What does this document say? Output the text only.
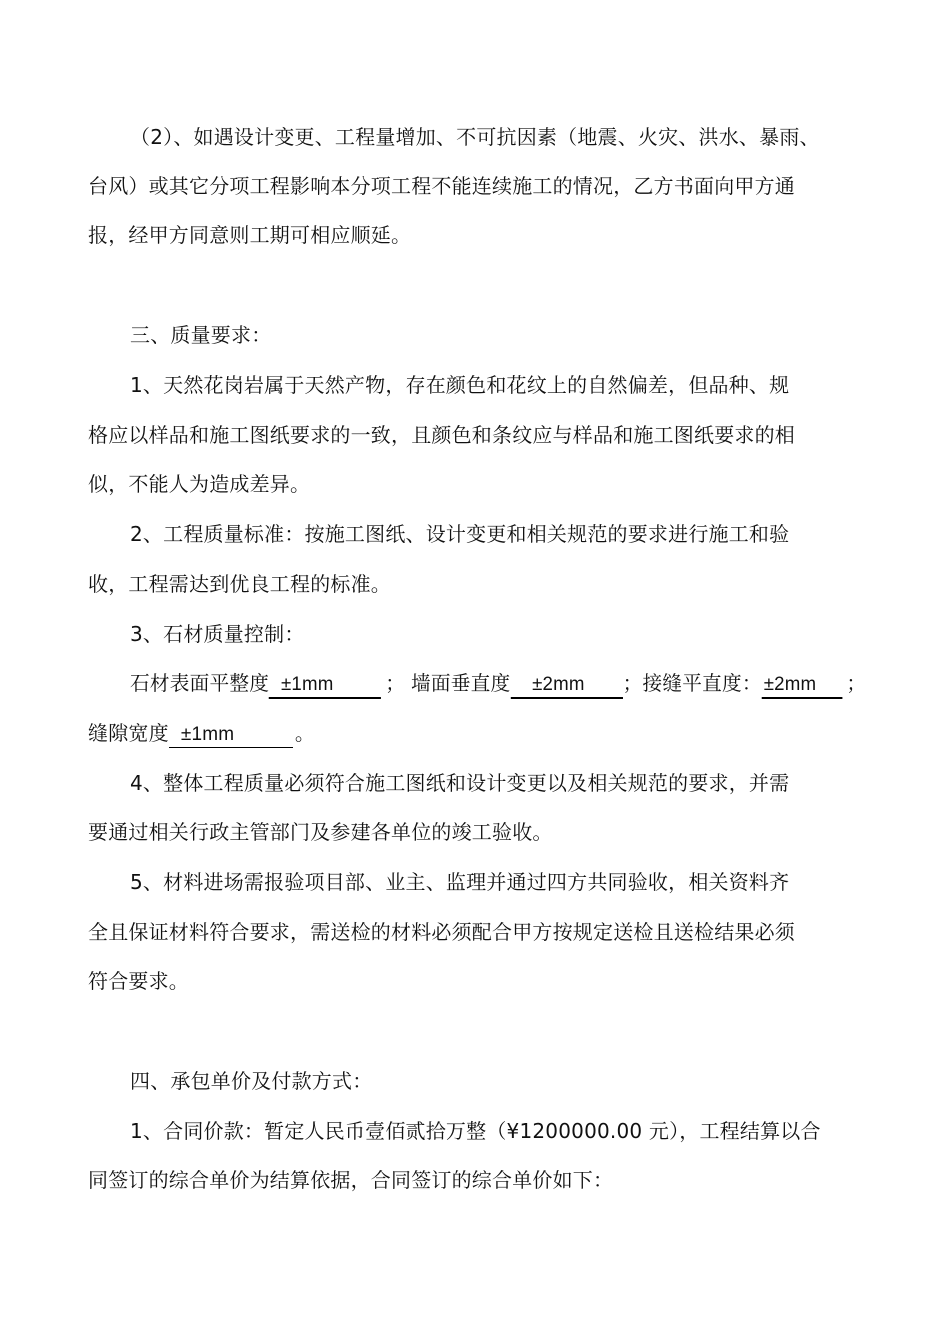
（2）、如遇设计变更、工程量增加、不可抗因素（地震、火灾、洪水、暴雨、
台风）或其它分项工程影响本分项工程不能连续施工的情况，乙方书面向甲方通
报，经甲方同意则工期可相应顺延。
三、质量要求：
1、天然花岗岩属于天然产物，存在颜色和花纹上的自然偏差，但品种、规
格应以样品和施工图纸要求的一致，且颜色和条纹应与样品和施工图纸要求的相
似，不能人为造成差异。
2、工程质量标准：按施工图纸、设计变更和相关规范的要求进行施工和验
收，工程需达到优良工程的标准。
3、石材质量控制：
石材表面平整度 ±1mm	； 墙面垂直度 ±2mm ；接缝平直度： ±2mm ；
缝隙宽度 ±1mm	。
4、整体工程质量必须符合施工图纸和设计变更以及相关规范的要求，并需
要通过相关行政主管部门及参建各单位的竣工验收。
5、材料进场需报验项目部、业主、监理并通过四方共同验收，相关资料齐
全且保证材料符合要求，需送检的材料必须配合甲方按规定送检且送检结果必须
符合要求。
四、承包单价及付款方式：
1、合同价款：暂定人民币壹佰贰拾万整（¥1200000.00 元），工程结算以合
同签订的综合单价为结算依据，合同签订的综合单价如下：
